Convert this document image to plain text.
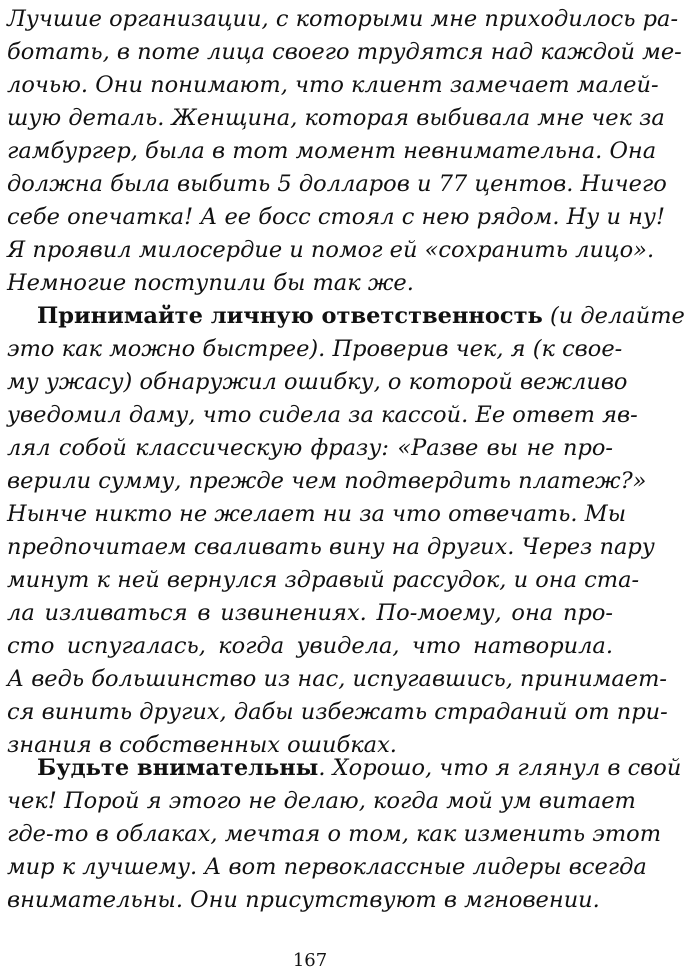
Лучшие организации, с которыми мне приходилось ра-
ботать, в поте лица своего трудятся над каждой ме-
лочью. Они понимают, что клиент замечает малей-
шую деталь. Женщина, которая выбивала мне чек за
гамбургер, была в тот момент невнимательна. Она
должна была выбить 5 долларов и 77 центов. Ничего
себе опечатка! А ее босс стоял с нею рядом. Ну и ну!
Я проявил милосердие и помог ей «сохранить лицо».
Немногие поступили бы так же.
Принимайте личную ответственность (и делайте
это как можно быстрее). Проверив чек, я (к свое-
му ужасу) обнаружил ошибку, о которой вежливо
уведомил даму, что сидела за кассой. Ее ответ яв-
лял собой классическую фразу: «Разве вы не про-
верили сумму, прежде чем подтвердить платеж?»
Нынче никто не желает ни за что отвечать. Мы
предпочитаем сваливать вину на других. Через пару
минут к ней вернулся здравый рассудок, и она ста-
ла изливаться в извинениях. По-моему, она про-
сто испугалась, когда увидела, что натворила.
А ведь большинство из нас, испугавшись, принимает-
ся винить других, дабы избежать страданий от при-
знания в собственных ошибках.
Будьте внимательны. Хорошо, что я глянул в свой
чек! Порой я этого не делаю, когда мой ум витает
где-то в облаках, мечтая о том, как изменить этот
мир к лучшему. А вот первоклассные лидеры всегда
внимательны. Они присутствуют в мгновении.
167
